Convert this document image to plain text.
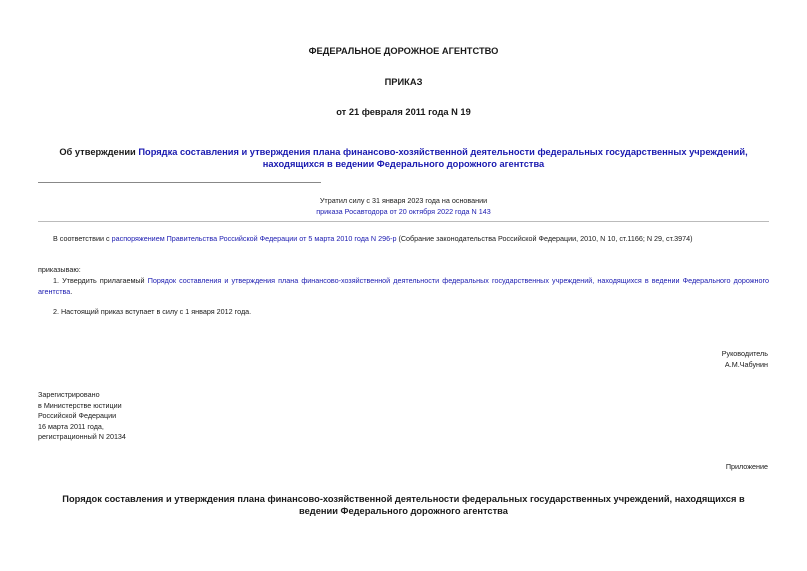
ФЕДЕРАЛЬНОЕ ДОРОЖНОЕ АГЕНТСТВО
ПРИКАЗ
от 21 февраля 2011 года N 19
Об утверждении Порядка составления и утверждения плана финансово-хозяйственной деятельности федеральных государственных учреждений, находящихся в ведении Федерального дорожного агентства
Утратил силу с 31 января 2023 года на основании
приказа Росавтодора от 20 октября 2022 года N 143
В соответствии с распоряжением Правительства Российской Федерации от 5 марта 2010 года N 296-р (Собрание законодательства Российской Федерации, 2010, N 10, ст.1166; N 29, ст.3974)
приказываю:
1. Утвердить прилагаемый Порядок составления и утверждения плана финансово-хозяйственной деятельности федеральных государственных учреждений, находящихся в ведении Федерального дорожного агентства.
2. Настоящий приказ вступает в силу с 1 января 2012 года.
Руководитель
А.М.Чабунин
Зарегистрировано
в Министерстве юстиции
Российской Федерации
16 марта 2011 года,
регистрационный N 20134
Приложение
Порядок составления и утверждения плана финансово-хозяйственной деятельности федеральных государственных учреждений, находящихся в ведении Федерального дорожного агентства
